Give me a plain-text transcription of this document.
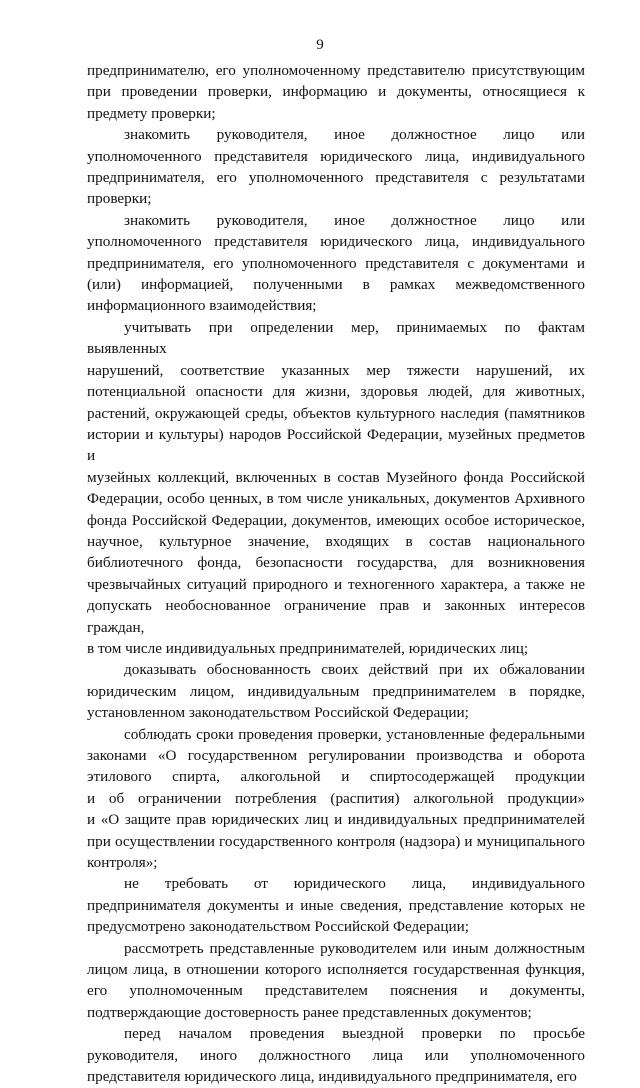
9
предпринимателю, его уполномоченному представителю присутствующим
при проведении проверки, информацию и документы, относящиеся к
предмету проверки;
знакомить руководителя, иное должностное лицо или
уполномоченного представителя юридического лица, индивидуального
предпринимателя, его уполномоченного представителя с результатами
проверки;
знакомить руководителя, иное должностное лицо или
уполномоченного представителя юридического лица, индивидуального
предпринимателя, его уполномоченного представителя с документами и
(или) информацией, полученными в рамках межведомственного
информационного взаимодействия;
учитывать при определении мер, принимаемых по фактам выявленных
нарушений, соответствие указанных мер тяжести нарушений, их
потенциальной опасности для жизни, здоровья людей, для животных,
растений, окружающей среды, объектов культурного наследия (памятников
истории и культуры) народов Российской Федерации, музейных предметов и
музейных коллекций, включенных в состав Музейного фонда Российской
Федерации, особо ценных, в том числе уникальных, документов Архивного
фонда Российской Федерации, документов, имеющих особое историческое,
научное, культурное значение, входящих в состав национального
библиотечного фонда, безопасности государства, для возникновения
чрезвычайных ситуаций природного и техногенного характера, а также не
допускать необоснованное ограничение прав и законных интересов граждан,
в том числе индивидуальных предпринимателей, юридических лиц;
доказывать обоснованность своих действий при их обжаловании
юридическим лицом, индивидуальным предпринимателем в порядке,
установленном законодательством Российской Федерации;
соблюдать сроки проведения проверки, установленные федеральными
законами «О государственном регулировании производства и оборота
этилового спирта, алкогольной и спиртосодержащей продукции
и об ограничении потребления (распития) алкогольной продукции»
и «О защите прав юридических лиц и индивидуальных предпринимателей
при осуществлении государственного контроля (надзора) и муниципального
контроля»;
не требовать от юридического лица, индивидуального
предпринимателя документы и иные сведения, представление которых не
предусмотрено законодательством Российской Федерации;
рассмотреть представленные руководителем или иным должностным
лицом лица, в отношении которого исполняется государственная функция,
его уполномоченным представителем пояснения и документы,
подтверждающие достоверность ранее представленных документов;
перед началом проведения выездной проверки по просьбе
руководителя, иного должностного лица или уполномоченного
представителя юридического лица, индивидуального предпринимателя, его
